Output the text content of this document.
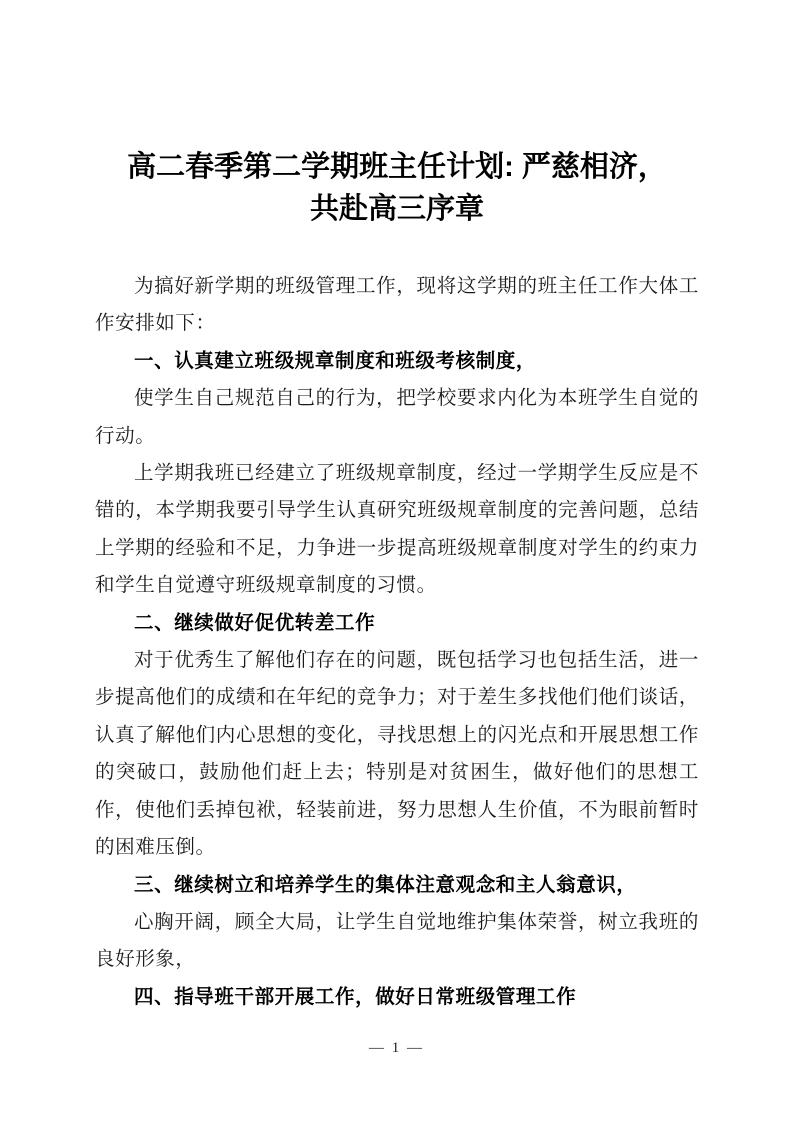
高二春季第二学期班主任计划: 严慈相济，
共赴高三序章

为搞好新学期的班级管理工作，现将这学期的班主任工作大体工作安排如下：

一、认真建立班级规章制度和班级考核制度，

使学生自己规范自己的行为，把学校要求内化为本班学生自觉的行动。

上学期我班已经建立了班级规章制度，经过一学期学生反应是不错的，本学期我要引导学生认真研究班级规章制度的完善问题，总结上学期的经验和不足，力争进一步提高班级规章制度对学生的约束力和学生自觉遵守班级规章制度的习惯。

二、继续做好促优转差工作

对于优秀生了解他们存在的问题，既包括学习也包括生活，进一步提高他们的成绩和在年纪的竞争力；对于差生多找他们他们谈话，认真了解他们内心思想的变化，寻找思想上的闪光点和开展思想工作的突破口，鼓励他们赶上去；特别是对贫困生，做好他们的思想工作，使他们丢掉包袱，轻装前进，努力思想人生价值，不为眼前暂时的困难压倒。

三、继续树立和培养学生的集体注意观念和主人翁意识，

心胸开阔，顾全大局，让学生自觉地维护集体荣誉，树立我班的良好形象，

四、指导班干部开展工作，做好日常班级管理工作

— 1 —
